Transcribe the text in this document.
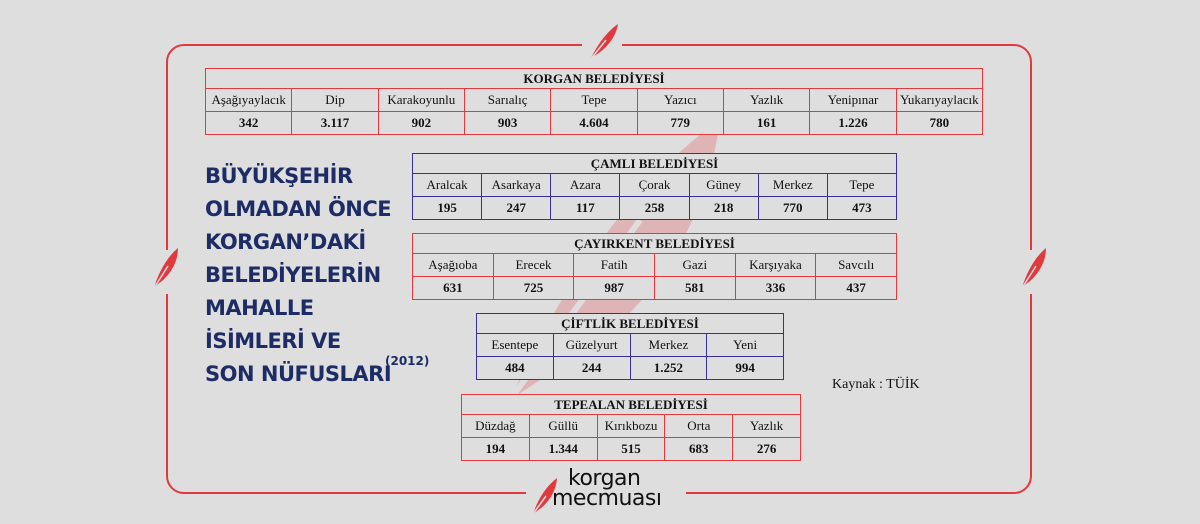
KORGAN BELEDİYESİ								
Aşağıyaylacık	Dip	Karakoyunlu	Sarıalıç	Tepe	Yazıcı	Yazlık	Yenipınar	Yukarıyaylacık
342	3.117	902	903	4.604	779	161	1.226	780
ÇAMLI BELEDİYESİ						
Aralcak	Asarkaya	Azara	Çorak	Güney	Merkez	Tepe
195	247	117	258	218	770	473
ÇAYIRKENT BELEDİYESİ					
Aşağıoba	Erecek	Fatih	Gazi	Karşıyaka	Savcılı
631	725	987	581	336	437
ÇİFTLİK BELEDİYESİ			
Esentepe	Güzelyurt	Merkez	Yeni
484	244	1.252	994
TEPEALAN BELEDİYESİ				
Düzdağ	Güllü	Kırıkbozu	Orta	Yazlık
194	1.344	515	683	276
BÜYÜKŞEHİR
OLMADAN ÖNCE
KORGAN’DAKİ
BELEDİYELERİN
MAHALLE
İSİMLERİ VE
SON NÜFUSLARI
(2012)
Kaynak : TÜİK
korgan
mecmuası
